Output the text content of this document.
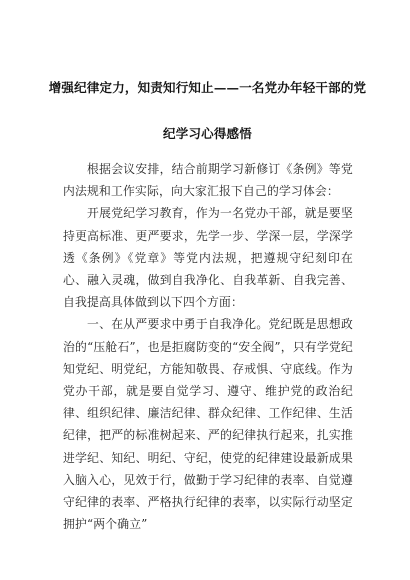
增强纪律定力，知责知行知止——一名党办年轻干部的党
纪学习心得感悟

根据会议安排，结合前期学习新修订《条例》等党内法规和工作实际，向大家汇报下自己的学习体会：

开展党纪学习教育，作为一名党办干部，就是要坚持更高标准、更严要求，先学一步、学深一层，学深学透《条例》《党章》等党内法规，把遵规守纪刻印在心、融入灵魂，做到自我净化、自我革新、自我完善、自我提高具体做到以下四个方面：

一、在从严要求中勇于自我净化。党纪既是思想政治的“压舱石”，也是拒腐防变的“安全阀”，只有学党纪知党纪、明党纪，方能知敬畏、存戒惧、守底线。作为党办干部，就是要自觉学习、遵守、维护党的政治纪律、组织纪律、廉洁纪律、群众纪律、工作纪律、生活纪律，把严的标准树起来、严的纪律执行起来，扎实推进学纪、知纪、明纪、守纪，使党的纪律建设最新成果入脑入心，见效于行，做勤于学习纪律的表率、自觉遵守纪律的表率、严格执行纪律的表率，以实际行动坚定拥护“两个确立”
